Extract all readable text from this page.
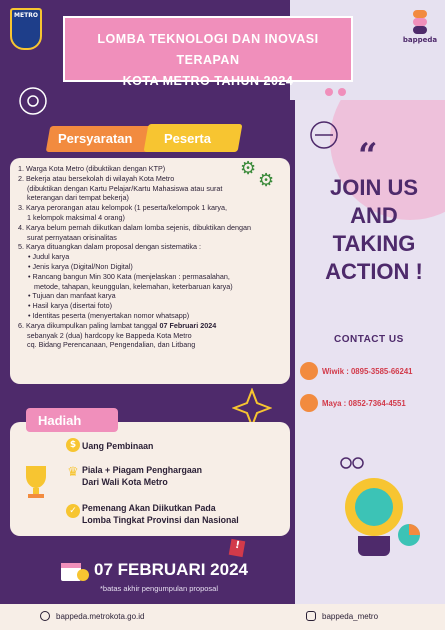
METRO
bappeda
LOMBA TEKNOLOGI DAN INOVASI TERAPAN
KOTA METRO TAHUN 2024
Persyaratan Peserta
⚙
⚙
1. Warga Kota Metro (dibuktikan dengan KTP)
2. Bekerja atau bersekolah di wilayah Kota Metro
(dibuktikan dengan Kartu Pelajar/Kartu Mahasiswa atau surat
keterangan dari tempat bekerja)
3. Karya perorangan atau kelompok (1 peserta/kelompok 1 karya,
1 kelompok maksimal 4 orang)
4. Karya belum pernah diikutkan dalam lomba sejenis, dibuktikan dengan
surat pernyataan orisinalitas
5. Karya dituangkan dalam proposal dengan sistematika :
• Judul karya
• Jenis karya (Digital/Non Digital)
• Rancang bangun Min 300 Kata (menjelaskan : permasalahan,
metode, tahapan, keunggulan, kelemahan, keterbaruan karya)
• Tujuan dan manfaat karya
• Hasil karya (disertai foto)
• Identitas peserta (menyertakan nomor whatsapp)
6. Karya dikumpulkan paling lambat tanggal 07 Februari 2024
sebanyak 2 (dua) hardcopy ke Bappeda Kota Metro
cq. Bidang Perencanaan, Pengendalian, dan Litbang
Hadiah
$ Uang Pembinaan
♛ Piala + Piagam Penghargaan
Dari Wali Kota Metro
✓ Pemenang Akan Diikutkan Pada
Lomba Tingkat Provinsi dan Nasional
07 FEBRUARI 2024
*batas akhir pengumpulan proposal
!
“
JOIN US
AND
TAKING
ACTION !
CONTACT US
Wiwik : 0895-3585-66241
Maya : 0852-7364-4551
bappeda.metrokota.go.id	bappeda_metro
